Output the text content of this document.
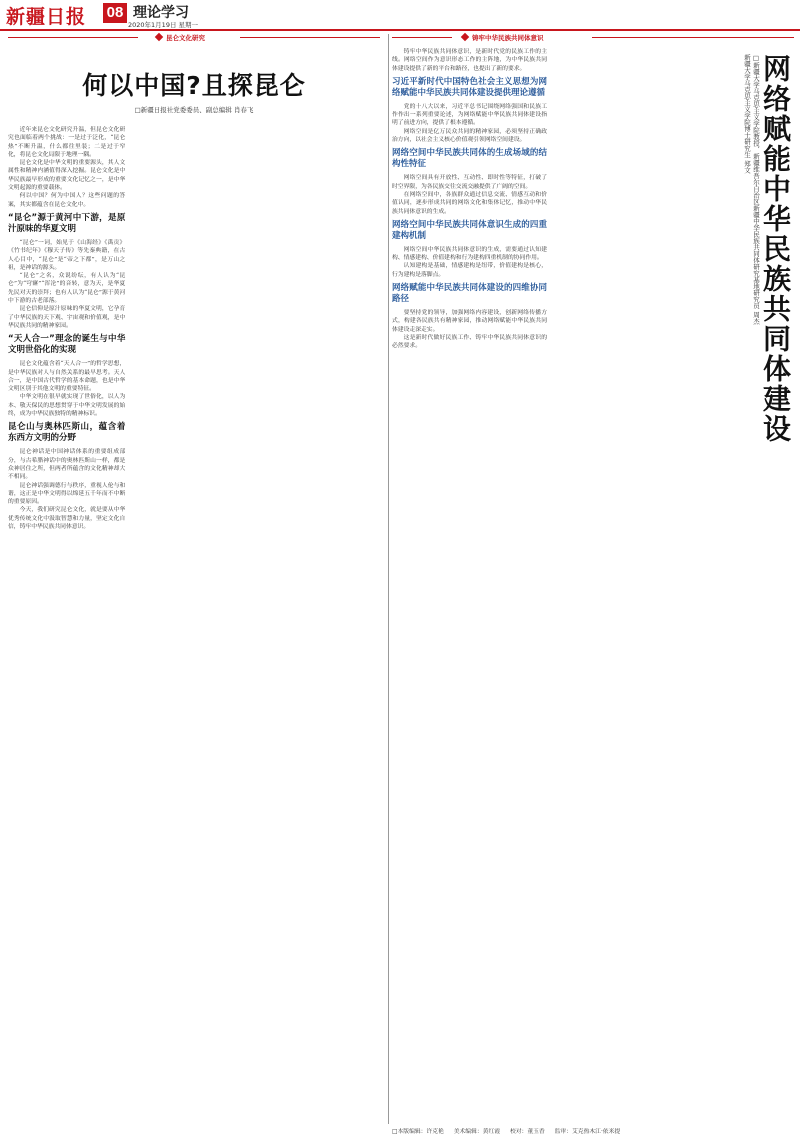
新疆日报 08 理论学习
2020年1月19日 星期一
昆仑文化研究	铸牢中华民族共同体意识
何以中国?且探昆仑
□新疆日报社党委委员、副总编辑 肖春飞

近年来昆仑文化研究升温，但昆仑文化研究也面临着两个挑战：一是过于泛化，“昆仑热”不断升温，什么都往里装；二是过于窄化，将昆仑文化局限于地理一隅。

昆仑文化是中华文明的重要源头，其人文属性和精神内涵值得深入挖掘。昆仑文化是中华民族最早形成的重要文化记忆之一，是中华文明起源的重要载体。

何以中国？何为中国人？这些问题的答案，其实都蕴含在昆仑文化中。

“昆仑”源于黄河中下游，是原汁原味的华夏文明

“昆仑”一词，始见于《山海经》《禹贡》《竹书纪年》《穆天子传》等先秦典籍，在古人心目中，“昆仑”是“帝之下都”，是万山之祖，是神话的源头。

“昆仑”之名，众说纷纭，有人认为“昆仑”为“穹窿”“浑沦”的音转，意为天，是华夏先民对天的崇拜；也有人认为“昆仑”源于黄河中下游的古老部落。

昆仑信仰是原汁原味的华夏文明，它孕育了中华民族的天下观、宇宙观和价值观，是中华民族共同的精神家园。

“天人合一”理念的诞生与中华文明世俗化的实现

昆仑文化蕴含着“天人合一”的哲学思想，是中华民族对人与自然关系的最早思考。天人合一，是中国古代哲学的基本命题，也是中华文明区别于其他文明的重要特征。

中华文明在很早就实现了世俗化，以人为本、敬天保民的思想贯穿于中华文明发展的始终，成为中华民族独特的精神标识。

昆仑山与奥林匹斯山，蕴含着东西方文明的分野

昆仑神话是中国神话体系的重要组成部分，与古希腊神话中的奥林匹斯山一样，都是众神居住之所，但两者所蕴含的文化精神却大不相同。

昆仑神话强调德行与秩序，重视人伦与和谐，这正是中华文明得以绵延五千年而不中断的重要原因。

今天，我们研究昆仑文化，就是要从中华优秀传统文化中汲取智慧和力量，坚定文化自信，铸牢中华民族共同体意识。

铸牢中华民族共同体意识，是新时代党的民族工作的主线。网络空间作为意识形态工作的主阵地，为中华民族共同体建设提供了新的平台和路径，也提出了新的要求。

习近平新时代中国特色社会主义思想为网络赋能中华民族共同体建设提供理论遵循

党的十八大以来，习近平总书记围绕网络强国和民族工作作出一系列重要论述，为网络赋能中华民族共同体建设指明了前进方向，提供了根本遵循。

网络空间是亿万民众共同的精神家园，必须坚持正确政治方向，以社会主义核心价值观引领网络空间建设。

网络空间中华民族共同体的生成场域的结构性特征

网络空间具有开放性、互动性、即时性等特征，打破了时空界限，为各民族交往交流交融提供了广阔的空间。

在网络空间中，各族群众通过信息交流、情感互动和价值认同，逐步形成共同的网络文化和集体记忆，推动中华民族共同体意识的生成。

网络空间中华民族共同体意识生成的四重建构机制

网络空间中华民族共同体意识的生成，需要通过认知建构、情感建构、价值建构和行为建构四重机制的协同作用。

认知建构是基础，情感建构是纽带，价值建构是核心，行为建构是落脚点。

网络赋能中华民族共同体建设的四维协同路径

要坚持党的领导，加强网络内容建设，创新网络传播方式，构建各民族共有精神家园，推动网络赋能中华民族共同体建设走深走实。

这是新时代做好民族工作、铸牢中华民族共同体意识的必然要求。	网络赋能中华民族共同体建设
□新疆大学马克思主义学院教授、新疆维吾尔自治区新疆中华民族共同体研究基地研究员 周杰
新疆大学马克思主义学院博士研究生 郑文
□本版编辑：许克艳 美术编辑：黄红霞 校对：董玉香 监审：艾克热木江·依米提
